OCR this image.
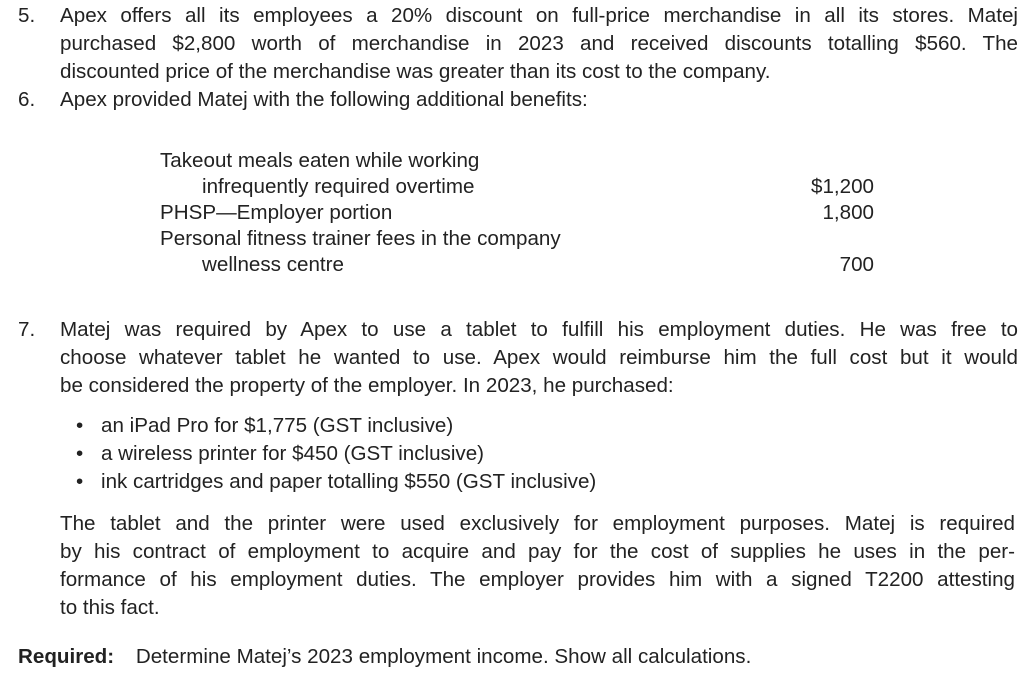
5.	Apex offers all its employees a 20% discount on full-price merchandise in all its stores. Matej
purchased $2,800 worth of merchandise in 2023 and received discounts totalling $560. The
discounted price of the merchandise was greater than its cost to the company.
6.	Apex provided Matej with the following additional benefits:
Takeout meals eaten while working
infrequently required overtime	$1,200
PHSP—Employer portion	1,800
Personal fitness trainer fees in the company
wellness centre	700
7.	Matej was required by Apex to use a tablet to fulfill his employment duties. He was free to
choose whatever tablet he wanted to use. Apex would reimburse him the full cost but it would
be considered the property of the employer. In 2023, he purchased:
• an iPad Pro for $1,775 (GST inclusive)
• a wireless printer for $450 (GST inclusive)
• ink cartridges and paper totalling $550 (GST inclusive)
The tablet and the printer were used exclusively for employment purposes. Matej is required
by his contract of employment to acquire and pay for the cost of supplies he uses in the per-
formance of his employment duties. The employer provides him with a signed T2200 attesting
to this fact.
Required: Determine Matej’s 2023 employment income. Show all calculations.
